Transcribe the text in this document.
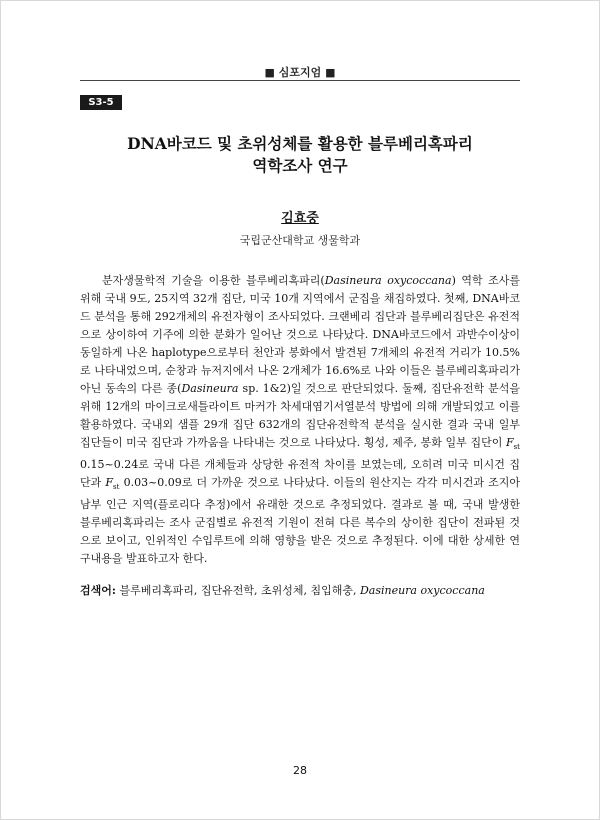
■ 심포지엄 ■
S3-5
DNA바코드 및 초위성체를 활용한 블루베리혹파리
역학조사 연구
김효중
국립군산대학교 생물학과

분자생물학적 기술을 이용한 블루베리혹파리(Dasineura oxycoccana) 역학 조사를 위해 국내 9도, 25지역 32개 집단, 미국 10개 지역에서 군집을 채집하였다. 첫째, DNA바코드 분석을 통해 292개체의 유전자형이 조사되었다. 크랜베리 집단과 블루베리집단은 유전적으로 상이하여 기주에 의한 분화가 일어난 것으로 나타났다. DNA바코드에서 과반수이상이 동일하게 나온 haplotype으로부터 천안과 봉화에서 발견된 7개체의 유전적 거리가 10.5%로 나타내었으며, 순창과 뉴저지에서 나온 2개체가 16.6%로 나와 이들은 블루베리혹파리가 아닌 동속의 다른 종(Dasineura sp. 1&2)일 것으로 판단되었다. 둘째, 집단유전학 분석을 위해 12개의 마이크로새틀라이트 마커가 차세대염기서열분석 방법에 의해 개발되었고 이를 활용하였다. 국내외 샘플 29개 집단 632개의 집단유전학적 분석을 실시한 결과 국내 일부 집단들이 미국 집단과 가까움을 나타내는 것으로 나타났다. 횡성, 제주, 봉화 일부 집단이 $F_{st}$ 0.15~0.24로 국내 다른 개체들과 상당한 유전적 차이를 보였는데, 오히려 미국 미시건 집단과 $F_{st}$ 0.03~0.09로 더 가까운 것으로 나타났다. 이들의 원산지는 각각 미시건과 조지아 남부 인근 지역(플로리다 추정)에서 유래한 것으로 추정되었다. 결과로 볼 때, 국내 발생한 블루베리혹파리는 조사 군집별로 유전적 기원이 전혀 다른 복수의 상이한 집단이 전파된 것으로 보이고, 인위적인 수입루트에 의해 영향을 받은 것으로 추정된다. 이에 대한 상세한 연구내용을 발표하고자 한다.

검색어: 블루베리혹파리, 집단유전학, 초위성체, 침입해충, Dasineura oxycoccana

28
